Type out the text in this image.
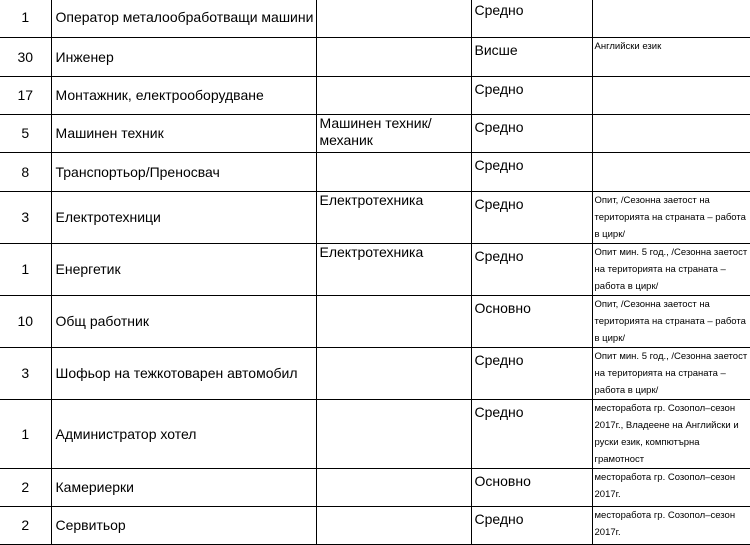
1	Оператор металообработващи машини		Средно	

30	Инженер		Висше	Английски език

17	Монтажник, електрооборудване		Средно	

5	Машинен техник	Машинен техник/механик	Средно	

8	Транспортьор/Преносвач		Средно	

3	Електротехници	Електротехника	Средно	Опит, /Сезонна заетост на територията на страната – работа в цирк/

1	Енергетик	Електротехника	Средно	Опит мин. 5 год., /Сезонна заетост на територията на страната – работа в цирк/

10	Общ работник		Основно	Опит, /Сезонна заетост на територията на страната – работа в цирк/

3	Шофьор на тежкотоварен автомобил		Средно	Опит мин. 5 год., /Сезонна заетост на територията на страната – работа в цирк/

1	Администратор хотел		Средно	месторабота гр. Созопол–сезон 2017г., Владеене на Английски и руски език, компютърна грамотност

2	Камериерки		Основно	месторабота гр. Созопол–сезон 2017г.

2	Сервитьор		Средно	месторабота гр. Созопол–сезон 2017г.
